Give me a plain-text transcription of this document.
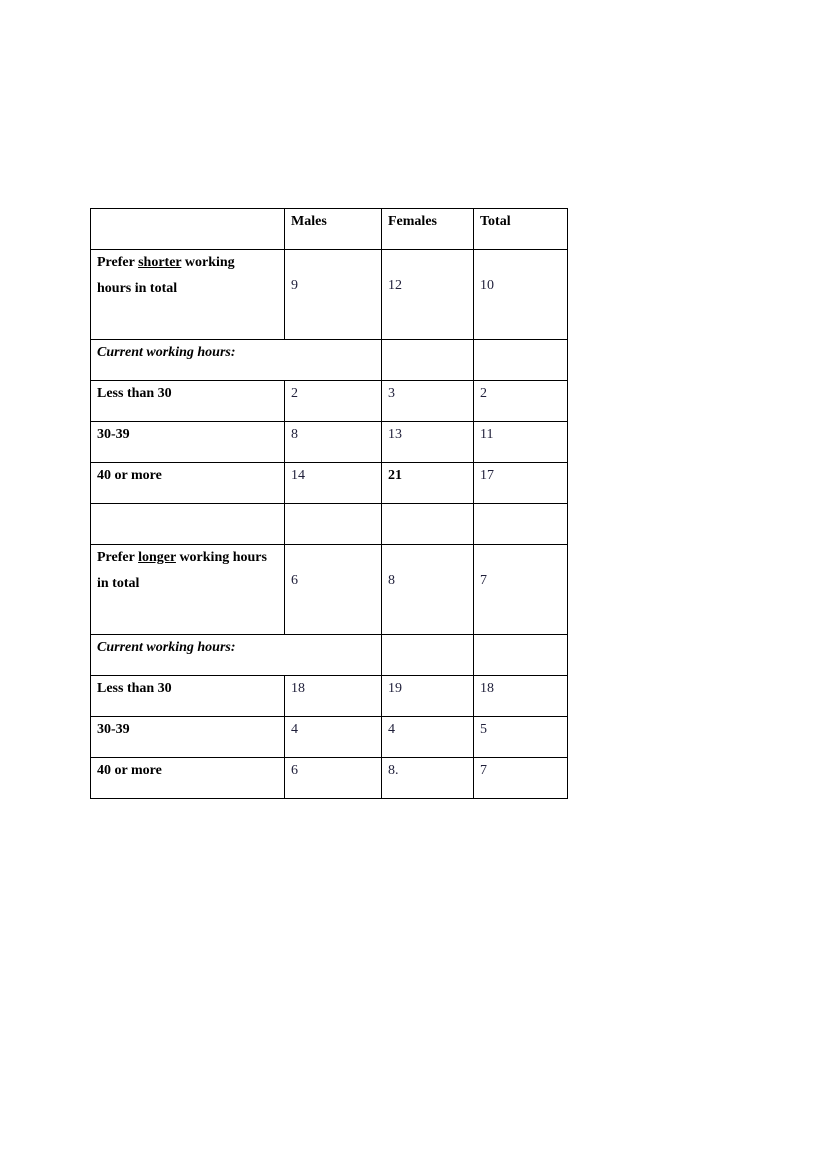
	Males	Females	Total

Prefer shorter working
hours in total	9	12	10
Current working hours:			
Less than 30	2	3	2
30-39	8	13	11
40 or more	14	21	17

Prefer longer working hours
in total	6	8	7
Current working hours:			
Less than 30	18	19	18
30-39	4	4	5
40 or more	6	8.	7
